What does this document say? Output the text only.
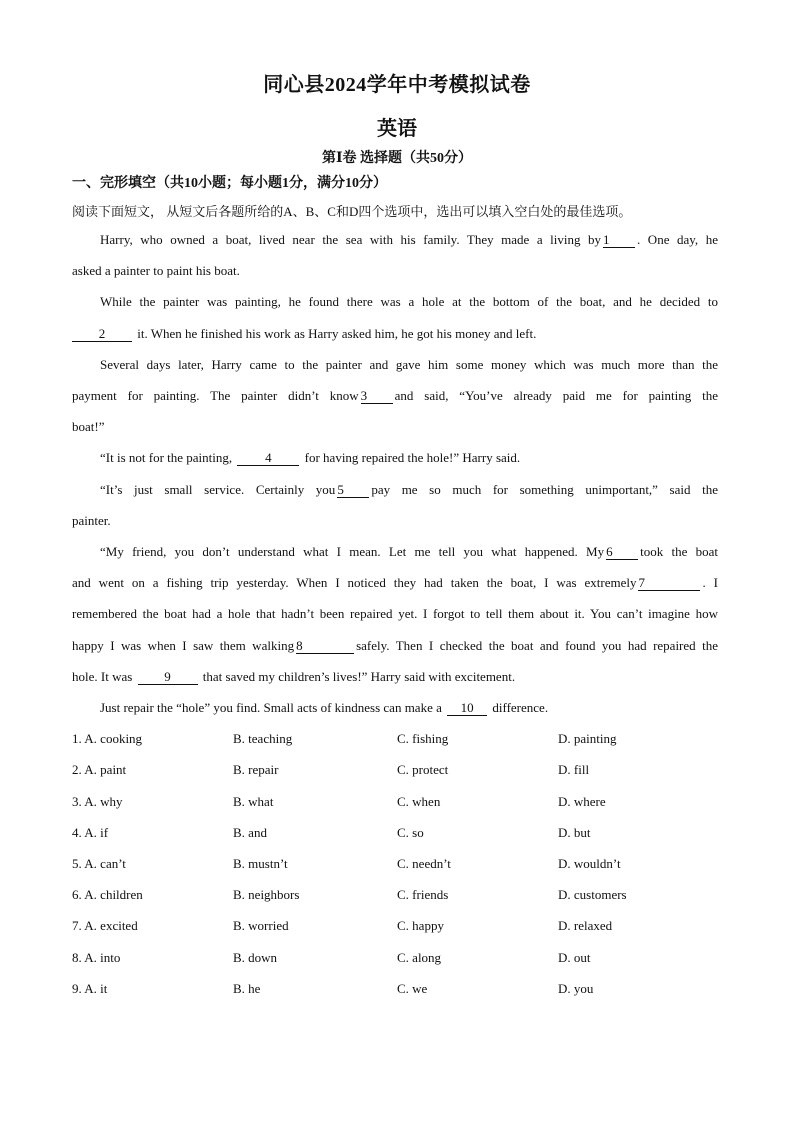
同心县2024学年中考模拟试卷
英语
第Ⅰ卷 选择题（共50分）
一、完形填空（共10小题；每小题1分，满分10分）
阅读下面短文， 从短文后各题所给的A、B、C和D四个选项中，选出可以填入空白处的最佳选项。
Harry, who owned a boat, lived near the sea with his family. They made a living by 1 . One day, he
asked a painter to paint his boat.
While the painter was painting, he found there was a hole at the bottom of the boat, and he decided to
2 it. When he finished his work as Harry asked him, he got his money and left.
Several days later, Harry came to the painter and gave him some money which was much more than the
payment for painting. The painter didn’t know 3 and said, “You’ve already paid me for painting the
boat!”
“It is not for the painting,	4	for having repaired the hole!” Harry said.
“It’s just small service. Certainly you 5 pay me so much for something unimportant,” said the
painter.
“My friend, you don’t understand what I mean. Let me tell you what happened. My 6 took the boat
and went on a fishing trip yesterday. When I noticed they had taken the boat, I was extremely 7	. I
remembered the boat had a hole that hadn’t been repaired yet. I forgot to tell them about it. You can’t imagine how
happy I was when I saw them walking 8	safely. Then I checked the boat and found you had repaired the
hole. It was 9 that saved my children’s lives!” Harry said with excitement.
Just repair the “hole” you find. Small acts of kindness can make a 10 difference.
1. A. cooking	B. teaching	C. fishing	D. painting
2. A. paint	B. repair	C. protect	D. fill
3. A. why	B. what	C. when	D. where
4. A. if	B. and	C. so	D. but
5. A. can’t	B. mustn’t	C. needn’t	D. wouldn’t
6. A. children	B. neighbors	C. friends	D. customers
7. A. excited	B. worried	C. happy	D. relaxed
8. A. into	B. down	C. along	D. out
9. A. it	B. he	C. we	D. you
